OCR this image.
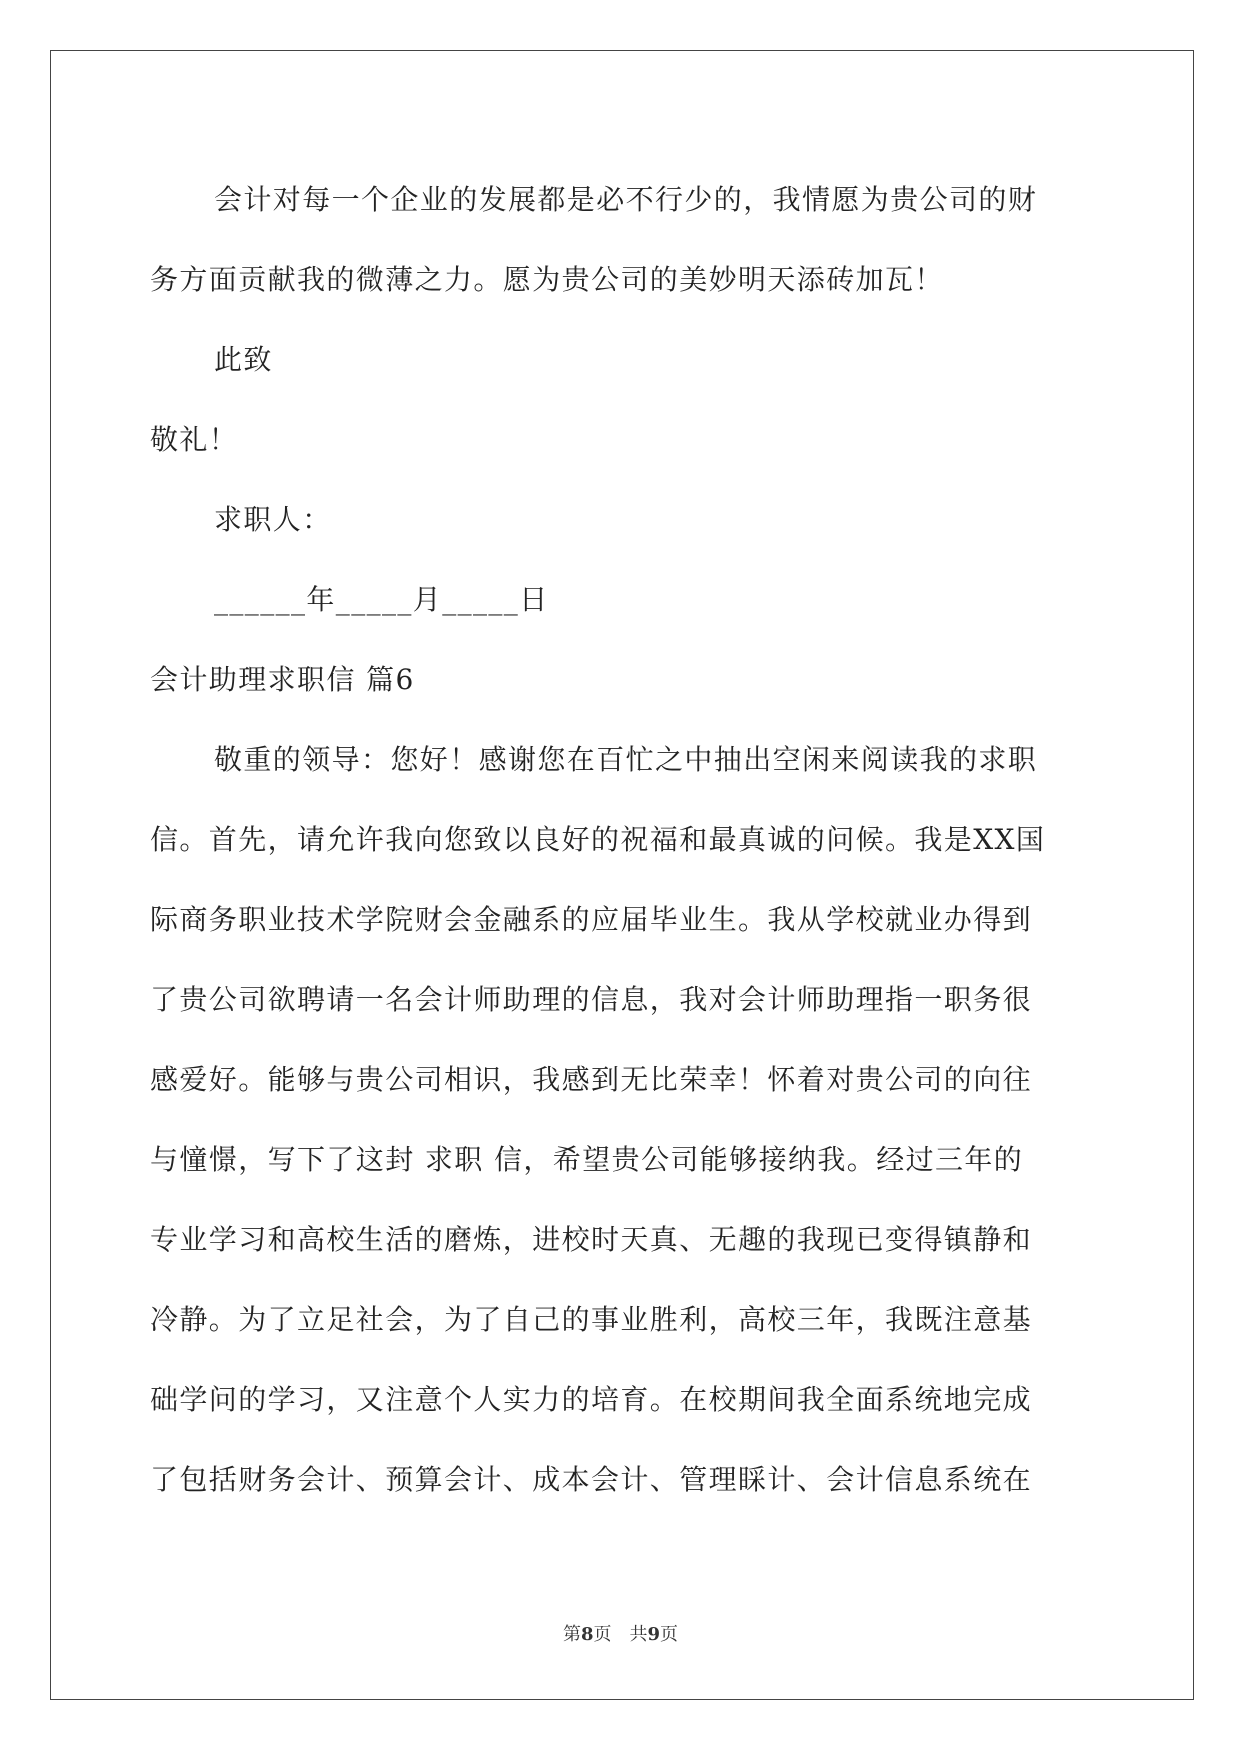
会计对每一个企业的发展都是必不行少的，我情愿为贵公司的财
务方面贡献我的微薄之力。愿为贵公司的美妙明天添砖加瓦！
此致
敬礼！
求职人：
______年_____月_____日
会计助理求职信 篇6
敬重的领导：您好！感谢您在百忙之中抽出空闲来阅读我的求职
信。首先，请允许我向您致以良好的祝福和最真诚的问候。我是XX国
际商务职业技术学院财会金融系的应届毕业生。我从学校就业办得到
了贵公司欲聘请一名会计师助理的信息，我对会计师助理指一职务很
感爱好。能够与贵公司相识，我感到无比荣幸！怀着对贵公司的向往
与憧憬，写下了这封 求职 信，希望贵公司能够接纳我。经过三年的
专业学习和高校生活的磨炼，进校时天真、无趣的我现已变得镇静和
冷静。为了立足社会，为了自己的事业胜利，高校三年，我既注意基
础学问的学习，又注意个人实力的培育。在校期间我全面系统地完成
了包括财务会计、预算会计、成本会计、管理睬计、会计信息系统在
第8页　共9页
